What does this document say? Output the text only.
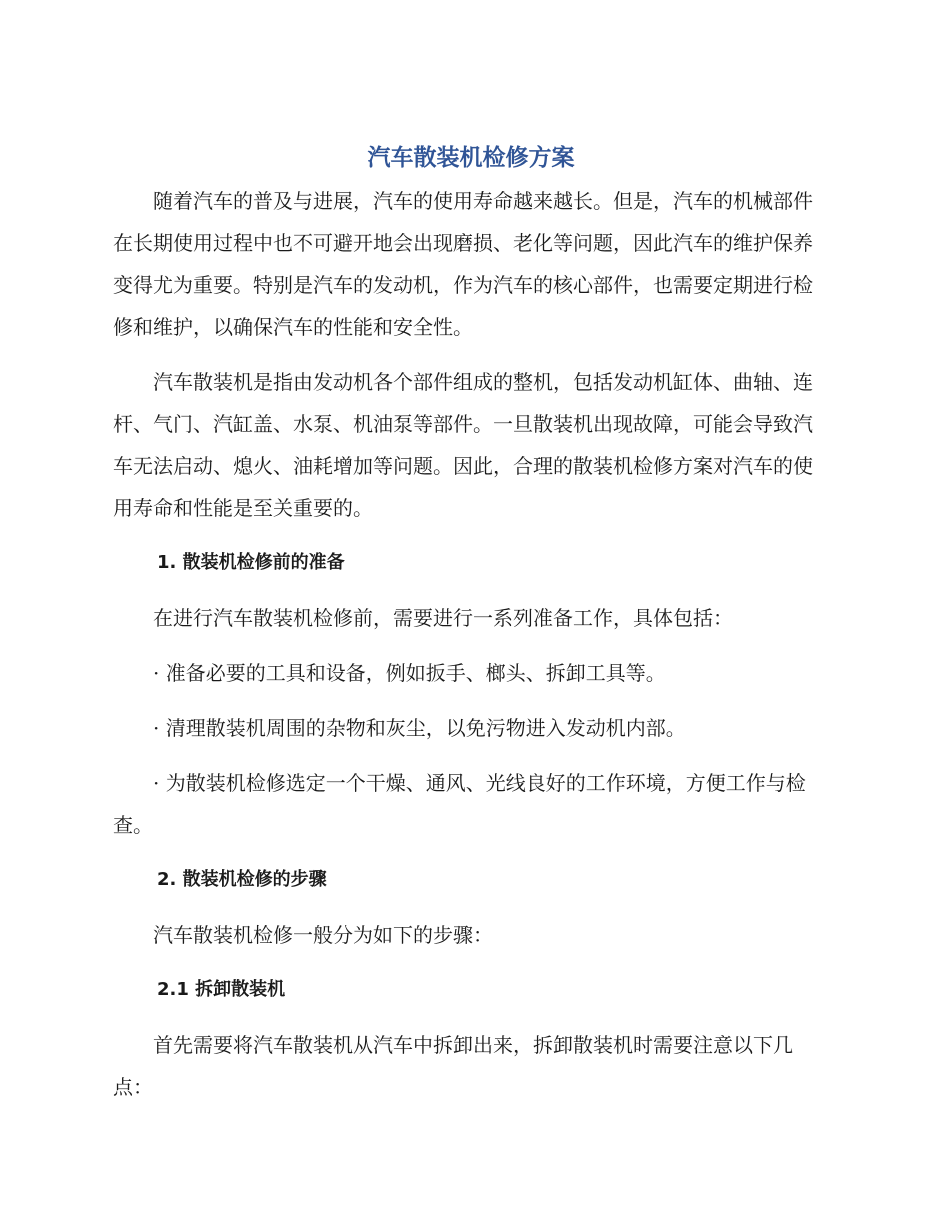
汽车散装机检修方案

随着汽车的普及与进展，汽车的使用寿命越来越长。但是，汽车的机械部件在长期使用过程中也不可避开地会出现磨损、老化等问题，因此汽车的维护保养变得尤为重要。特别是汽车的发动机，作为汽车的核心部件，也需要定期进行检修和维护，以确保汽车的性能和安全性。

汽车散装机是指由发动机各个部件组成的整机，包括发动机缸体、曲轴、连杆、气门、汽缸盖、水泵、机油泵等部件。一旦散装机出现故障，可能会导致汽车无法启动、熄火、油耗增加等问题。因此，合理的散装机检修方案对汽车的使用寿命和性能是至关重要的。

1. 散装机检修前的准备

在进行汽车散装机检修前，需要进行一系列准备工作，具体包括：

· 准备必要的工具和设备，例如扳手、榔头、拆卸工具等。

· 清理散装机周围的杂物和灰尘，以免污物进入发动机内部。

· 为散装机检修选定一个干燥、通风、光线良好的工作环境，方便工作与检查。

2. 散装机检修的步骤

汽车散装机检修一般分为如下的步骤：

2.1 拆卸散装机

首先需要将汽车散装机从汽车中拆卸出来，拆卸散装机时需要注意以下几点：
